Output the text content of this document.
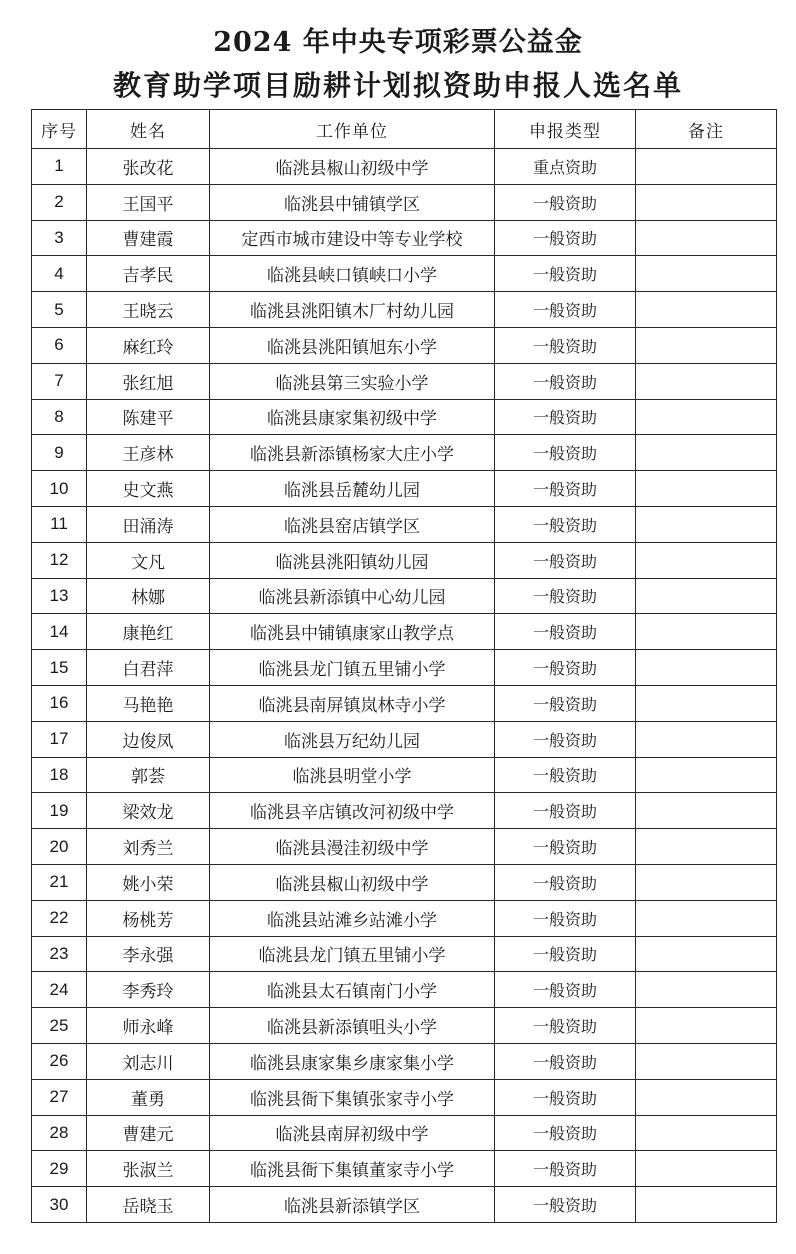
2024 年中央专项彩票公益金
教育助学项目励耕计划拟资助申报人选名单
序号	姓名	工作单位	申报类型	备注
1	张改花	临洮县椒山初级中学	重点资助	
2	王国平	临洮县中铺镇学区	一般资助	
3	曹建霞	定西市城市建设中等专业学校	一般资助	
4	吉孝民	临洮县峡口镇峡口小学	一般资助	
5	王晓云	临洮县洮阳镇木厂村幼儿园	一般资助	
6	麻红玲	临洮县洮阳镇旭东小学	一般资助	
7	张红旭	临洮县第三实验小学	一般资助	
8	陈建平	临洮县康家集初级中学	一般资助	
9	王彦林	临洮县新添镇杨家大庄小学	一般资助	
10	史文燕	临洮县岳麓幼儿园	一般资助	
11	田涌涛	临洮县窑店镇学区	一般资助	
12	文凡	临洮县洮阳镇幼儿园	一般资助	
13	林娜	临洮县新添镇中心幼儿园	一般资助	
14	康艳红	临洮县中铺镇康家山教学点	一般资助	
15	白君萍	临洮县龙门镇五里铺小学	一般资助	
16	马艳艳	临洮县南屏镇岚林寺小学	一般资助	
17	边俊凤	临洮县万纪幼儿园	一般资助	
18	郭荟	临洮县明堂小学	一般资助	
19	梁效龙	临洮县辛店镇改河初级中学	一般资助	
20	刘秀兰	临洮县漫洼初级中学	一般资助	
21	姚小荣	临洮县椒山初级中学	一般资助	
22	杨桃芳	临洮县站滩乡站滩小学	一般资助	
23	李永强	临洮县龙门镇五里铺小学	一般资助	
24	李秀玲	临洮县太石镇南门小学	一般资助	
25	师永峰	临洮县新添镇咀头小学	一般资助	
26	刘志川	临洮县康家集乡康家集小学	一般资助	
27	董勇	临洮县衙下集镇张家寺小学	一般资助	
28	曹建元	临洮县南屏初级中学	一般资助	
29	张淑兰	临洮县衙下集镇董家寺小学	一般资助	
30	岳晓玉	临洮县新添镇学区	一般资助	
